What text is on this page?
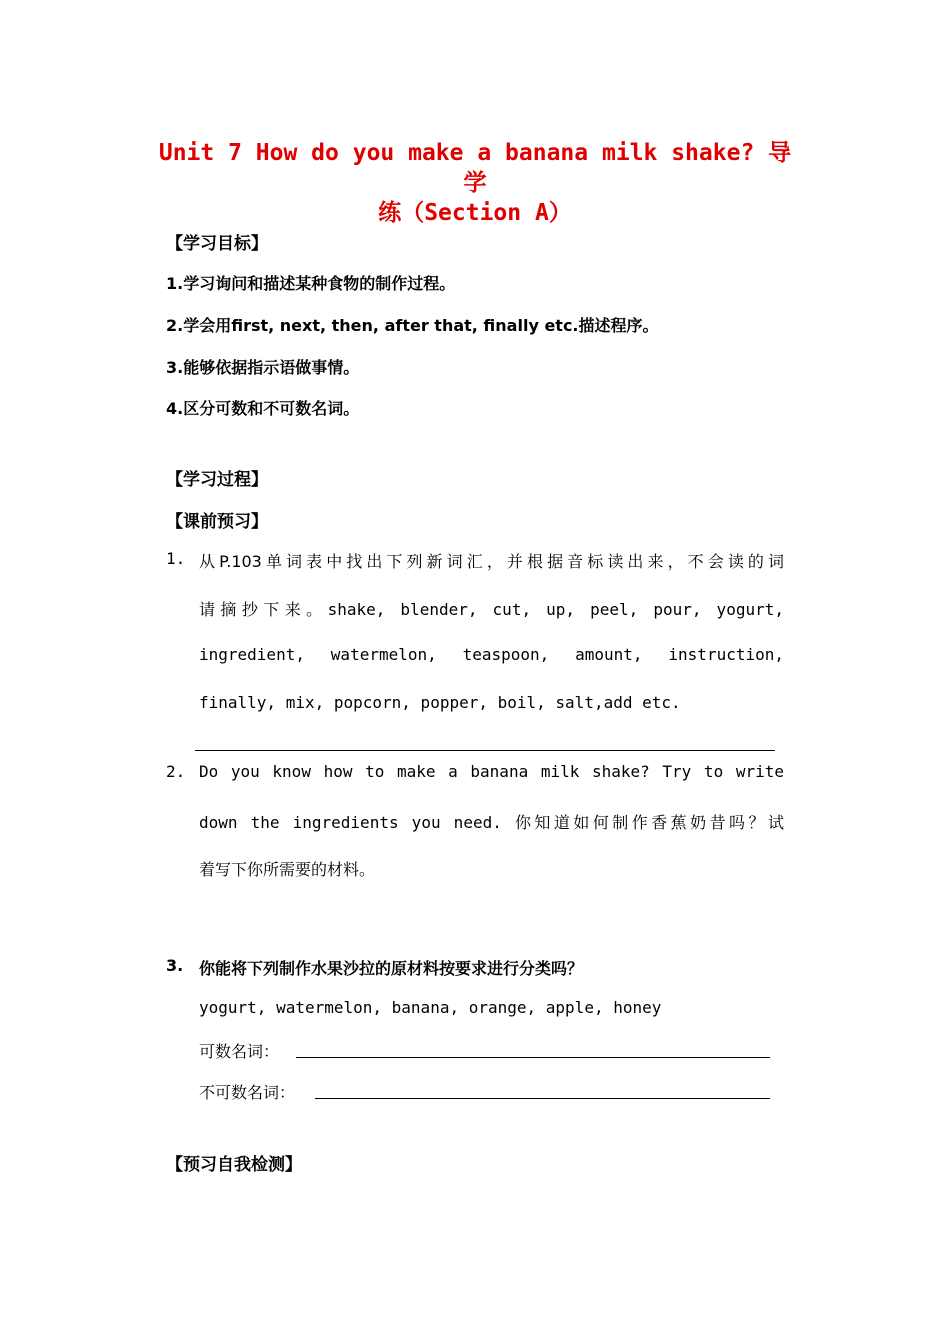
Unit 7 How do you make a banana milk shake? 导学
练（Section A）
【学习目标】
1.学习询问和描述某种食物的制作过程。
2.学会用first, next, then, after that, finally etc.描述程序。
3.能够依据指示语做事情。
4.区分可数和不可数名词。
【学习过程】
【课前预习】
1. 从P.103单词表中找出下列新词汇，并根据音标读出来，不会读的词
请摘抄下来。shake, blender, cut, up, peel, pour, yogurt,
ingredient, watermelon, teaspoon, amount, instruction,
finally, mix, popcorn, popper, boil, salt,add etc.
2. Do you know how to make a banana milk shake? Try to write
down the ingredients you need. 你知道如何制作香蕉奶昔吗？试
着写下你所需要的材料。
3. 你能将下列制作水果沙拉的原材料按要求进行分类吗？
yogurt, watermelon, banana, orange, apple, honey
可数名词：
不可数名词：
【预习自我检测】
